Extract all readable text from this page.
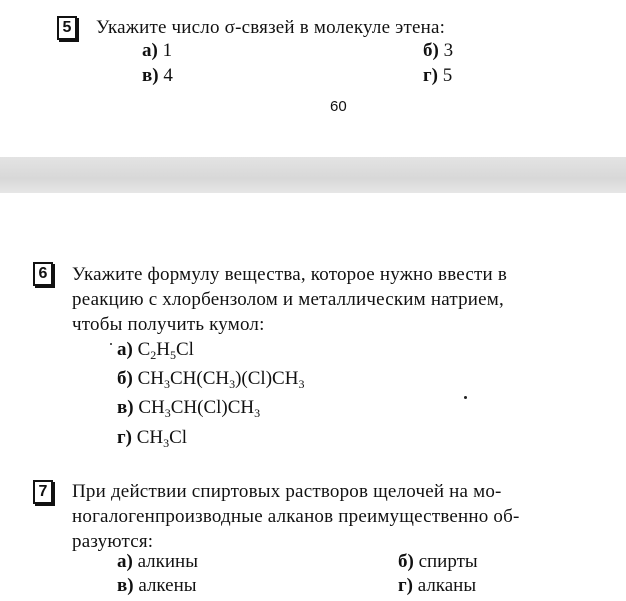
5 Укажите число σ-связей в молекуле этена:
а) 1	б) 3
в) 4	г) 5
60
6 Укажите формулу вещества, которое нужно ввести в
реакцию с хлорбензолом и металлическим натрием,
чтобы получить кумол:
а) $C_2H_5Cl$
б) $CH_3CH(CH_3)(Cl)CH_3$
в) $CH_3CH(Cl)CH_3$
г) $CH_3Cl$
7 При действии спиртовых растворов щелочей на мо-
ногалогенпроизводные алканов преимущественно об-
разуются:
а) алкины	б) спирты
в) алкены	г) алканы
